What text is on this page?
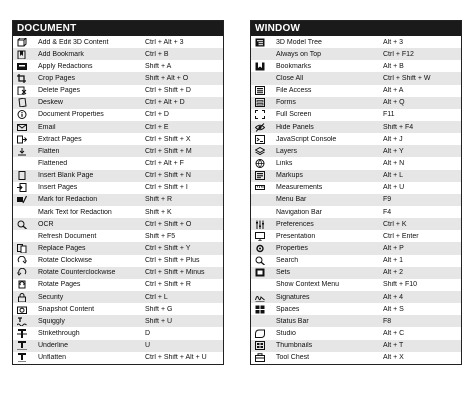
DOCUMENT
Add & Edit 3D Content	Ctrl + Alt + 3
Add Bookmark	Ctrl + B
Apply Redactions	Shift + A
Crop Pages	Shift + Alt + O
Delete Pages	Ctrl + Shift + D
Deskew	Ctrl + Alt + D
Document Properties	Ctrl + D
Email	Ctrl + E
Extract Pages	Ctrl + Shift + X
Flatten	Ctrl + Shift + M
Flattened	Ctrl + Alt + F
Insert Blank Page	Ctrl + Shift + N
Insert Pages	Ctrl + Shift + I
Mark for Redaction	Shift + R
Mark Text for Redaction	Shift + K
OCR	Ctrl + Shift + O
Refresh Document	Shift + F5
Replace Pages	Ctrl + Shift + Y
Rotate Clockwise	Ctrl + Shift + Plus
Rotate Counterclockwise	Ctrl + Shift + Minus
Rotate Pages	Ctrl + Shift + R
Security	Ctrl + L
Snapshot Content	Shift + G
Squiggly	Shift + U
Strikethrough	D
Underline	U
Unflatten	Ctrl + Shift + Alt + U
WINDOW
3D Model Tree	Alt + 3
Always on Top	Ctrl + F12
Bookmarks	Alt + B
Close All	Ctrl + Shift + W
File Access	Alt + A
Forms	Alt + Q
Full Screen	F11
Hide Panels	Shift + F4
JavaScript Console	Alt + J
Layers	Alt + Y
Links	Alt + N
Markups	Alt + L
Measurements	Alt + U
Menu Bar	F9
Navigation Bar	F4
Preferences	Ctrl + K
Presentation	Ctrl + Enter
Properties	Alt + P
Search	Alt + 1
Sets	Alt + 2
Show Context Menu	Shift + F10
Signatures	Alt + 4
Spaces	Alt + S
Status Bar	F8
Studio	Alt + C
Thumbnails	Alt + T
Tool Chest	Alt + X
